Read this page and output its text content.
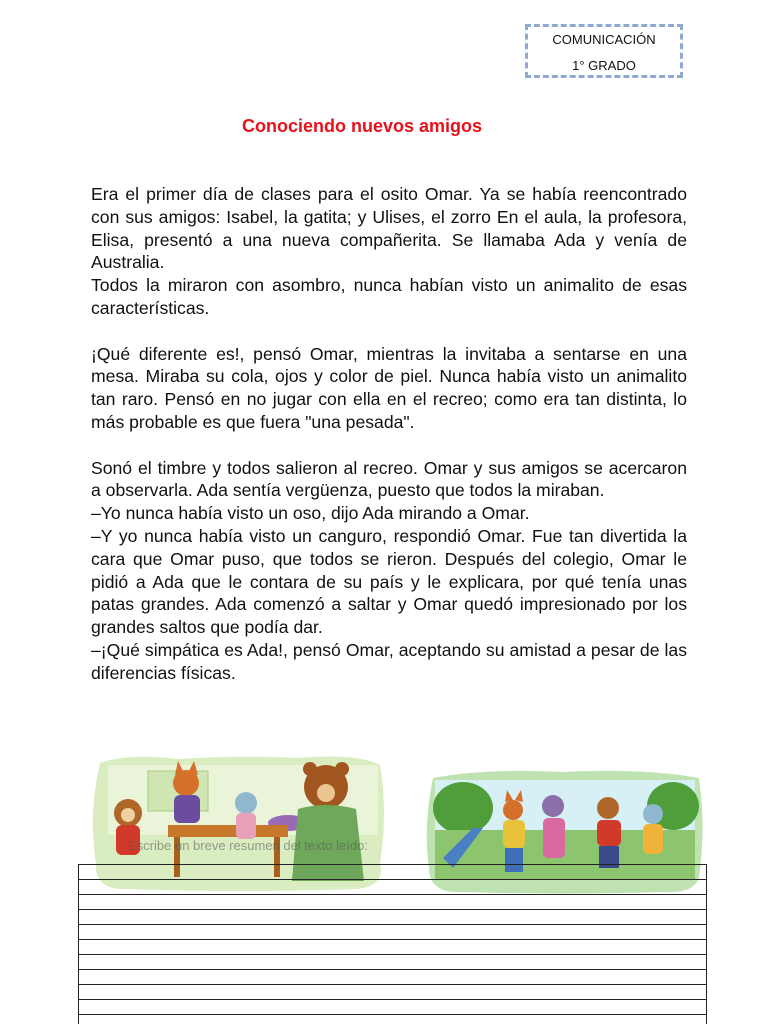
COMUNICACIÓN
1° GRADO
Conociendo nuevos amigos

Era el primer día de clases para el osito Omar. Ya se había reencontrado con sus amigos: Isabel, la gatita; y Ulises, el zorro En el aula, la profesora, Elisa, presentó a una nueva compañerita. Se llamaba Ada y venía de Australia.

Todos la miraron con asombro, nunca habían visto un animalito de esas características.

¡Qué diferente es!, pensó Omar, mientras la invitaba a sentarse en una mesa. Miraba su cola, ojos y color de piel. Nunca había visto un animalito tan raro. Pensó en no jugar con ella en el recreo; como era tan distinta, lo más probable es que fuera "una pesada".

Sonó el timbre y todos salieron al recreo. Omar y sus amigos se acercaron a observarla. Ada sentía vergüenza, puesto que todos la miraban.

–Yo nunca había visto un oso, dijo Ada mirando a Omar.

–Y yo nunca había visto un canguro, respondió Omar. Fue tan divertida la cara que Omar puso, que todos se rieron. Después del colegio, Omar le pidió a Ada que le contara de su país y le explicara, por qué tenía unas patas grandes. Ada comenzó a saltar y Omar quedó impresionado por los grandes saltos que podía dar.

–¡Qué simpática es Ada!, pensó Omar, aceptando su amistad a pesar de las diferencias físicas.

Escribe un breve resumen del texto leído:
